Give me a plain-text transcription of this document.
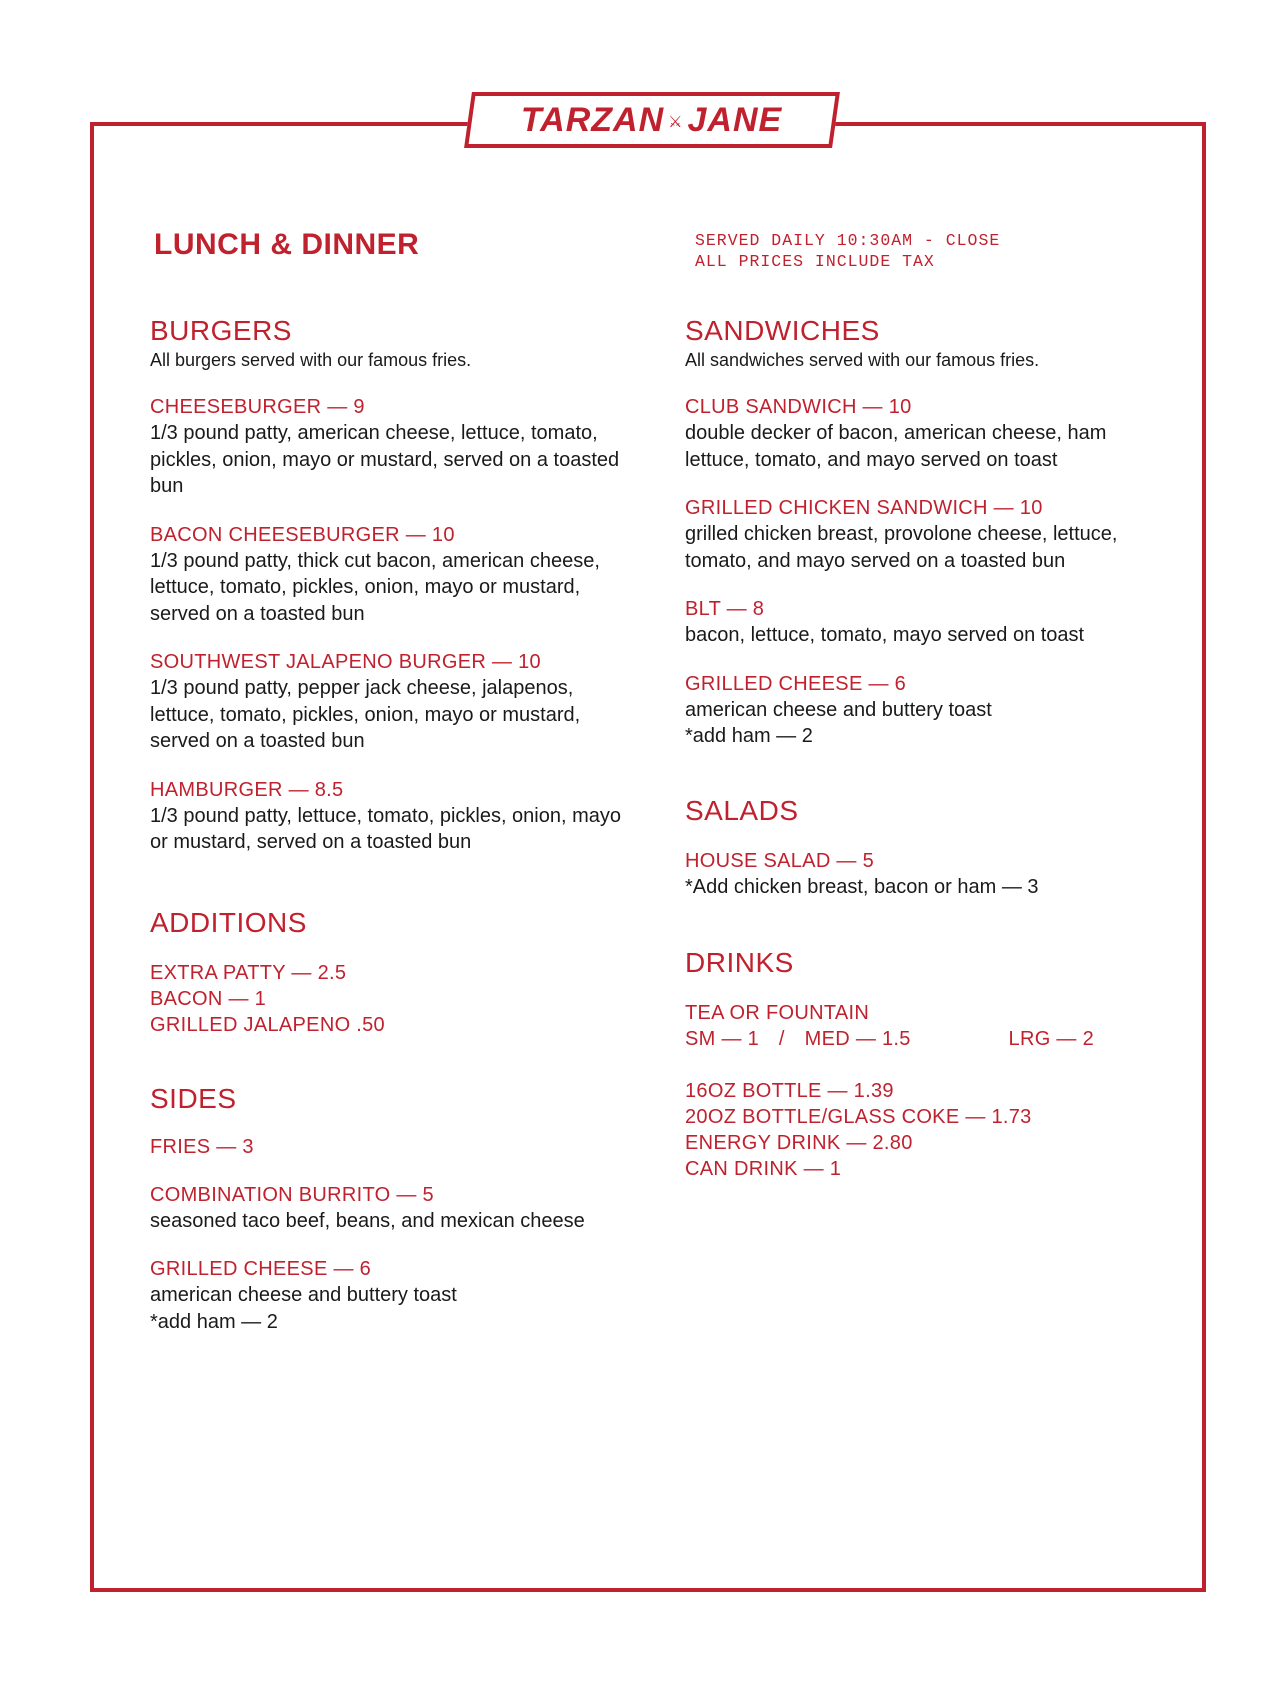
TARZAN ⚔ JANE
LUNCH & DINNER	SERVED DAILY 10:30AM - CLOSE
ALL PRICES INCLUDE TAX
BURGERS

All burgers served with our famous fries.

CHEESEBURGER — 9

1/3 pound patty, american cheese, lettuce, tomato, pickles, onion, mayo or mustard, served on a toasted bun

BACON CHEESEBURGER — 10

1/3 pound patty, thick cut bacon, american cheese, lettuce, tomato, pickles, onion, mayo or mustard, served on a toasted bun

SOUTHWEST JALAPENO BURGER — 10

1/3 pound patty, pepper jack cheese, jalapenos, lettuce, tomato, pickles, onion, mayo or mustard, served on a toasted bun

HAMBURGER — 8.5

1/3 pound patty, lettuce, tomato, pickles, onion, mayo or mustard, served on a toasted bun

ADDITIONS

EXTRA PATTY — 2.5

BACON — 1

GRILLED JALAPENO .50

SIDES

FRIES — 3

COMBINATION BURRITO — 5

seasoned taco beef, beans, and mexican cheese

GRILLED CHEESE — 6

american cheese and buttery toast

*add ham — 2

SANDWICHES

All sandwiches served with our famous fries.

CLUB SANDWICH — 10

double decker of bacon, american cheese, ham lettuce, tomato, and mayo served on toast

GRILLED CHICKEN SANDWICH — 10

grilled chicken breast, provolone cheese, lettuce, tomato, and mayo served on a toasted bun

BLT — 8

bacon, lettuce, tomato, mayo served on toast

GRILLED CHEESE — 6

american cheese and buttery toast

*add ham — 2

SALADS

HOUSE SALAD — 5

*Add chicken breast, bacon or ham — 3

DRINKS

TEA OR FOUNTAIN

SM — 1 / MED — 1.5	LRG — 2

16OZ BOTTLE — 1.39

20OZ BOTTLE/GLASS COKE — 1.73

ENERGY DRINK — 2.80

CAN DRINK — 1
